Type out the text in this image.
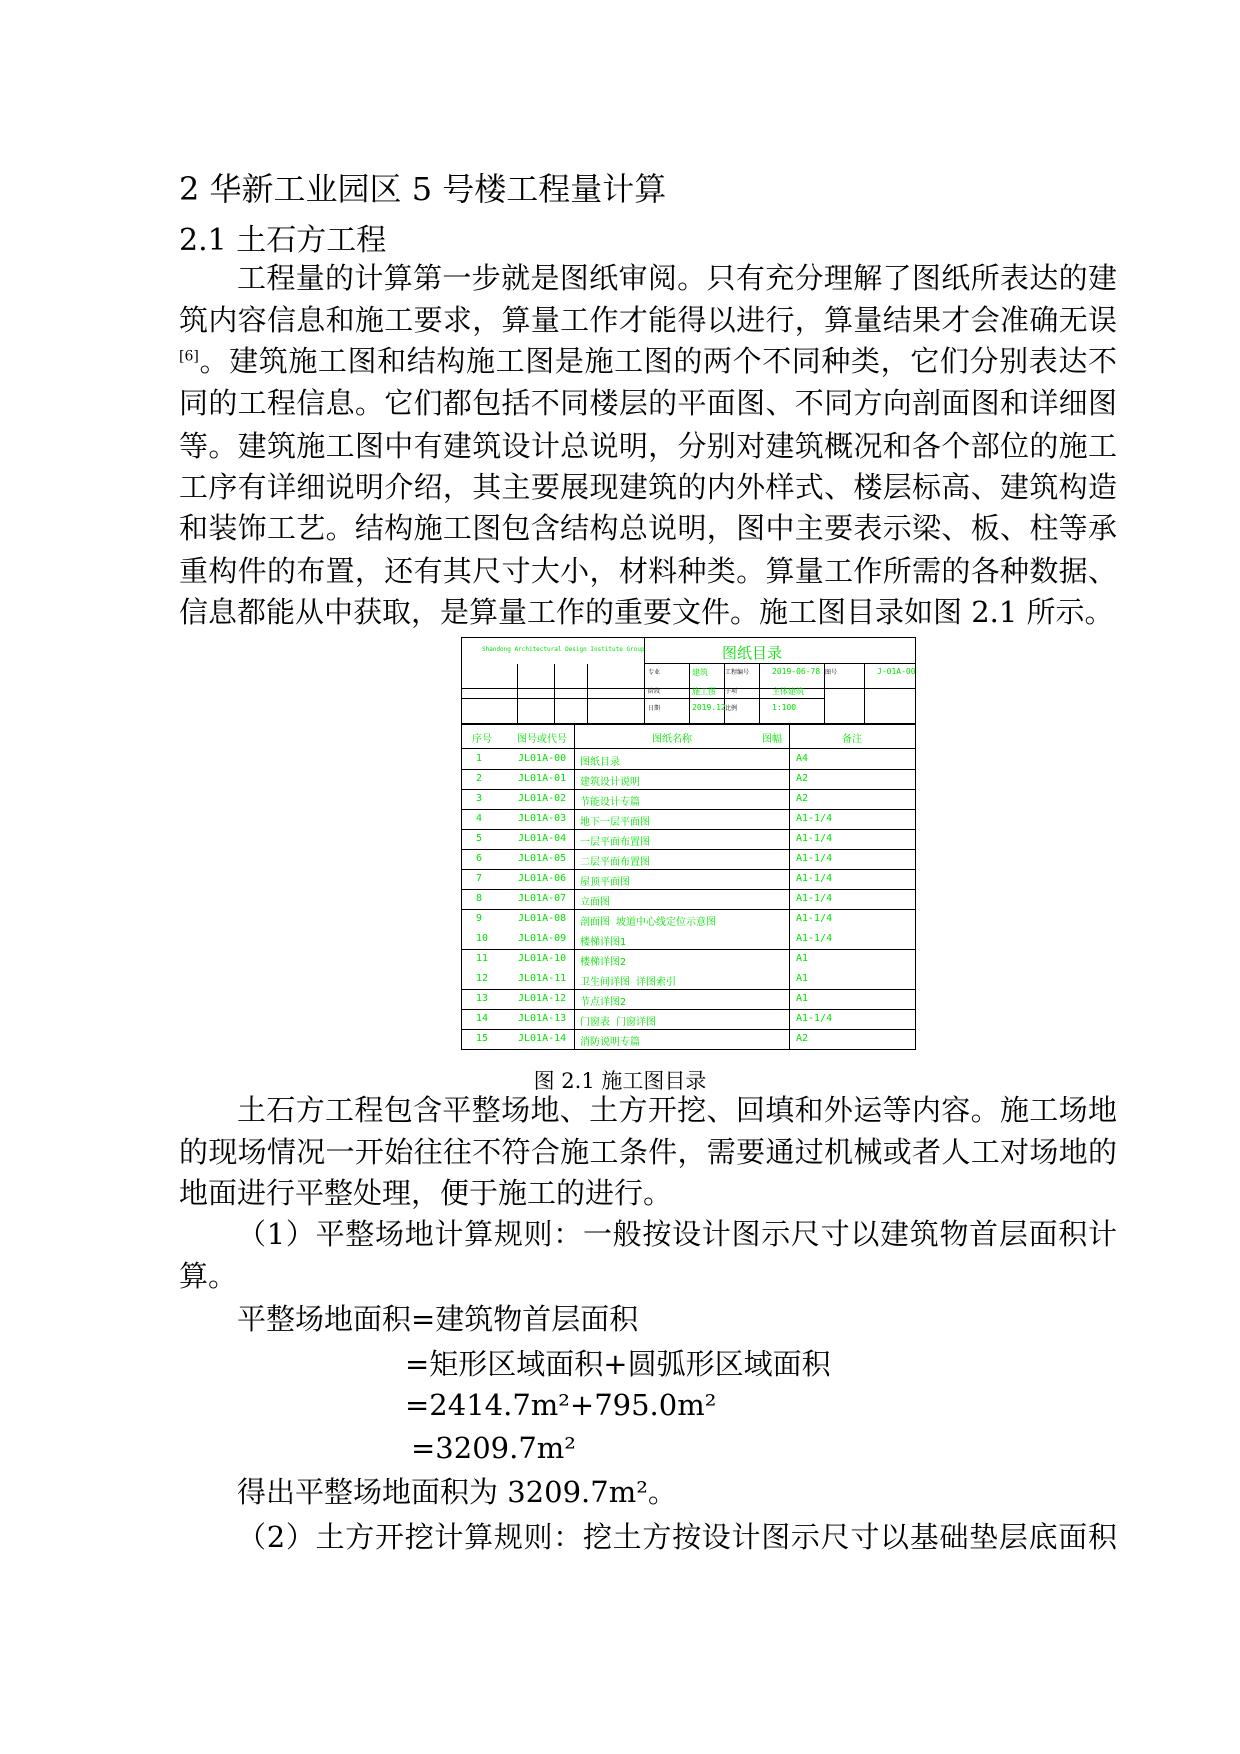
2 华新工业园区 5 号楼工程量计算
2.1 土石方工程
Shandong Architectural Design Institute Group	图纸目录
专业	建筑
阶段	施工图
日期	2019.12 比例	1:100
工程编号	2019-06-78
子项	主体建筑
图号	J-01A-00
序号	图号或代号	图纸名称	图幅	备注
1	JL01A-00 图纸目录	A4
2	JL01A-01 建筑设计说明	A2
3	JL01A-02 节能设计专篇	A2
4	JL01A-03 地下一层平面图	A1-1/4
5	JL01A-04 一层平面布置图	A1-1/4
6	JL01A-05 二层平面布置图	A1-1/4
7	JL01A-06 屋顶平面图	A1-1/4
8	JL01A-07 立面图	A1-1/4
9	JL01A-08 剖面图 坡道中心线定位示意图	A1-1/4
10	JL01A-09 楼梯详图1	A1-1/4
11	JL01A-10 楼梯详图2	A1
12	JL01A-11 卫生间详图 详图索引	A1
13	JL01A-12 节点详图2	A1
14	JL01A-13 门窗表 门窗详图	A1-1/4
15	JL01A-14 消防说明专篇	A2
图 2.1 施工图目录
（1）平整场地计算规则：一般按设计图示尺寸以建筑物首层面积计
算。
平整场地面积=建筑物首层面积
=矩形区域面积+圆弧形区域面积
=2414.7m²+795.0m²
=3209.7m²
得出平整场地面积为 3209.7m²。
（2）土方开挖计算规则：挖土方按设计图示尺寸以基础垫层底面积
工程量的计算第一步就是图纸审阅。只有充分理解了图纸所表达的建
筑内容信息和施工要求，算量工作才能得以进行，算量结果才会准确无误
[6]。建筑施工图和结构施工图是施工图的两个不同种类，它们分别表达不
同的工程信息。它们都包括不同楼层的平面图、不同方向剖面图和详细图
等。建筑施工图中有建筑设计总说明，分别对建筑概况和各个部位的施工
工序有详细说明介绍，其主要展现建筑的内外样式、楼层标高、建筑构造
和装饰工艺。结构施工图包含结构总说明，图中主要表示梁、板、柱等承
重构件的布置，还有其尺寸大小，材料种类。算量工作所需的各种数据、
信息都能从中获取，是算量工作的重要文件。施工图目录如图 2.1 所示。
土石方工程包含平整场地、土方开挖、回填和外运等内容。施工场地
的现场情况一开始往往不符合施工条件，需要通过机械或者人工对场地的
地面进行平整处理，便于施工的进行。
